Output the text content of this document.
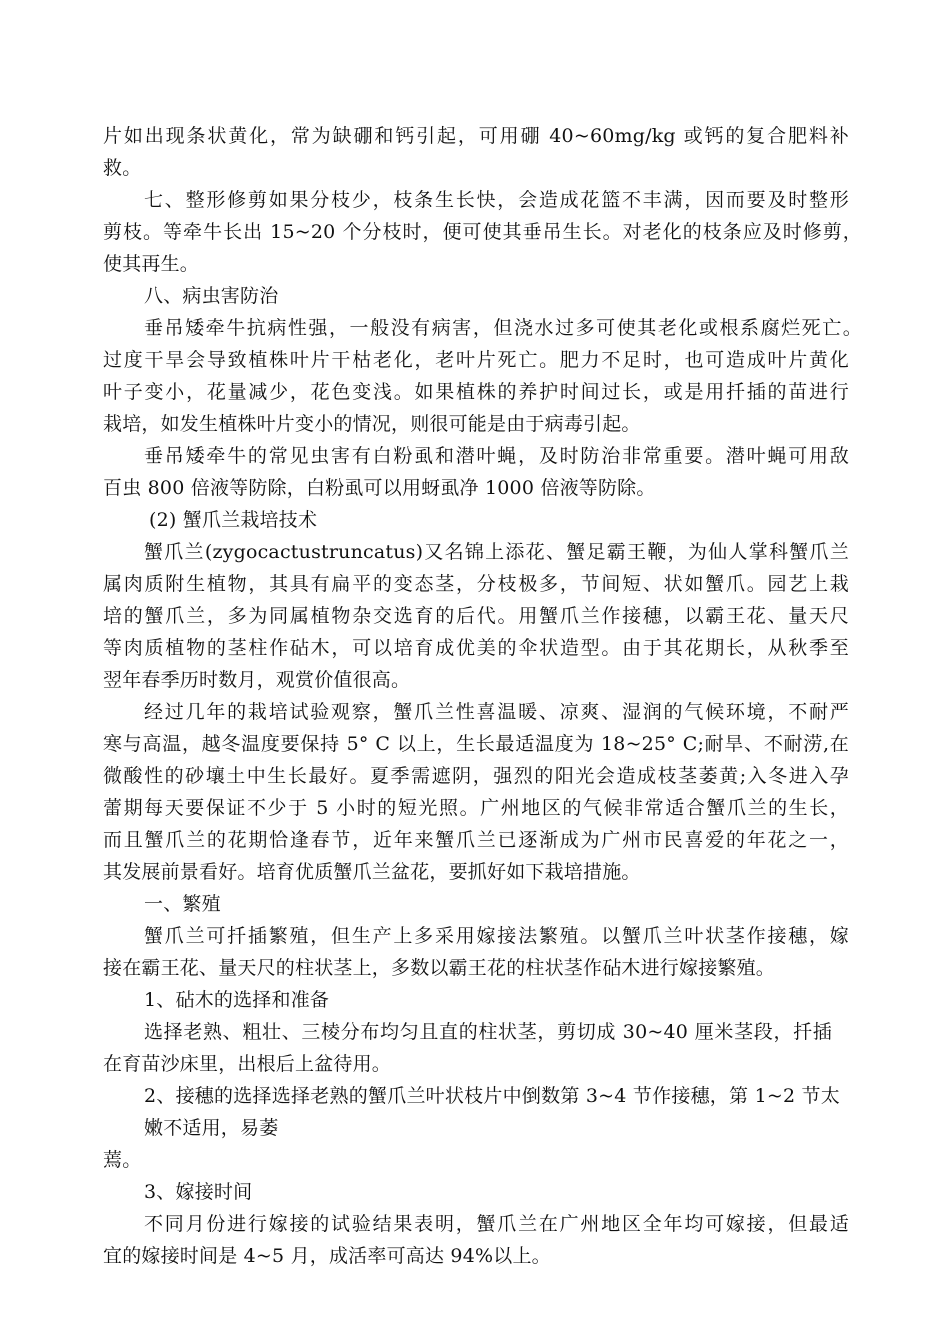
片如出现条状黄化，常为缺硼和钙引起，可用硼 40~60mg/kg 或钙的复合肥料补
救。
七、整形修剪如果分枝少，枝条生长快，会造成花篮不丰满，因而要及时整形
剪枝。等牵牛长出 15~20 个分枝时，便可使其垂吊生长。对老化的枝条应及时修剪，
使其再生。
八、病虫害防治
垂吊矮牵牛抗病性强，一般没有病害，但浇水过多可使其老化或根系腐烂死亡。
过度干旱会导致植株叶片干枯老化，老叶片死亡。肥力不足时，也可造成叶片黄化
叶子变小，花量减少，花色变浅。如果植株的养护时间过长，或是用扦插的苗进行
栽培，如发生植株叶片变小的情况，则很可能是由于病毒引起。
垂吊矮牵牛的常见虫害有白粉虱和潜叶蝇，及时防治非常重要。潜叶蝇可用敌
百虫 800 倍液等防除，白粉虱可以用蚜虱净 1000 倍液等防除。
(2) 蟹爪兰栽培技术
蟹爪兰(zygocactustruncatus)又名锦上添花、蟹足霸王鞭，为仙人掌科蟹爪兰
属肉质附生植物，其具有扁平的变态茎，分枝极多，节间短、状如蟹爪。园艺上栽
培的蟹爪兰，多为同属植物杂交选育的后代。用蟹爪兰作接穗，以霸王花、量天尺
等肉质植物的茎柱作砧木，可以培育成优美的伞状造型。由于其花期长，从秋季至
翌年春季历时数月，观赏价值很高。
经过几年的栽培试验观察，蟹爪兰性喜温暖、凉爽、湿润的气候环境，不耐严
寒与高温，越冬温度要保持 5° C 以上，生长最适温度为 18~25° C;耐旱、不耐涝,在
微酸性的砂壤土中生长最好。夏季需遮阴，强烈的阳光会造成枝茎萎黄;入冬进入孕
蕾期每天要保证不少于 5 小时的短光照。广州地区的气候非常适合蟹爪兰的生长，
而且蟹爪兰的花期恰逢春节，近年来蟹爪兰已逐渐成为广州市民喜爱的年花之一，
其发展前景看好。培育优质蟹爪兰盆花，要抓好如下栽培措施。
一、繁殖
蟹爪兰可扦插繁殖，但生产上多采用嫁接法繁殖。以蟹爪兰叶状茎作接穗，嫁
接在霸王花、量天尺的柱状茎上，多数以霸王花的柱状茎作砧木进行嫁接繁殖。
1、砧木的选择和准备
选择老熟、粗壮、三棱分布均匀且直的柱状茎，剪切成 30~40 厘米茎段，扦插
在育苗沙床里，出根后上盆待用。
2、接穗的选择选择老熟的蟹爪兰叶状枝片中倒数第 3~4 节作接穗，第 1~2 节太
嫩不适用，易萎
蔫。
3、嫁接时间
不同月份进行嫁接的试验结果表明，蟹爪兰在广州地区全年均可嫁接，但最适
宜的嫁接时间是 4~5 月，成活率可高达 94%以上。
